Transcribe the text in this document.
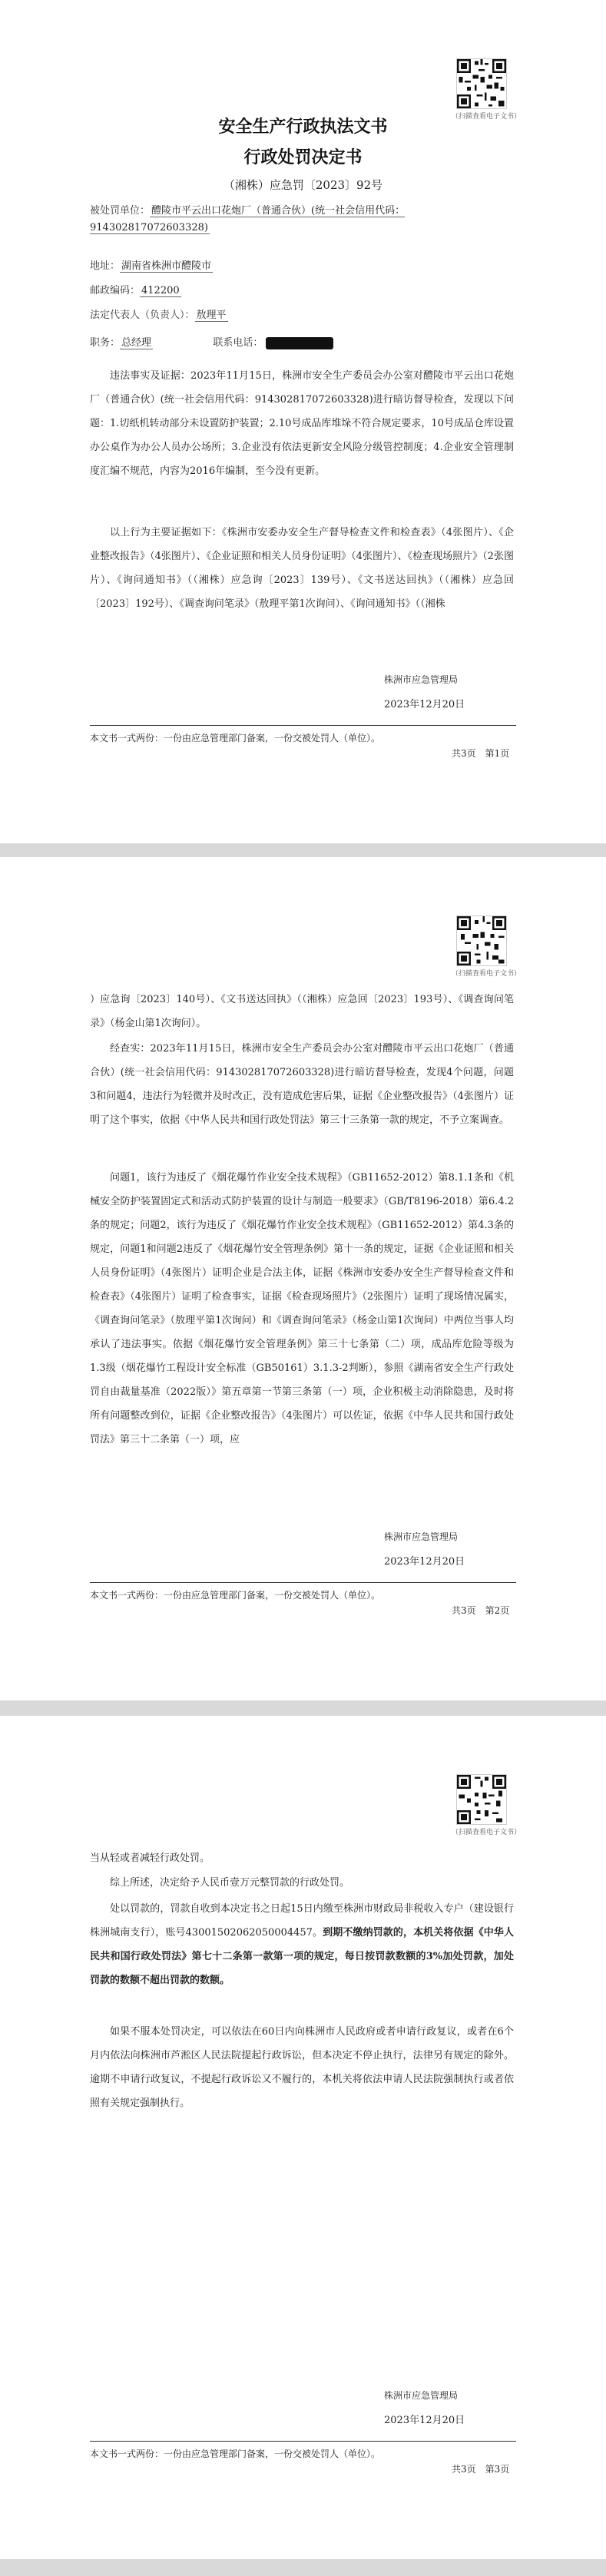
（扫描查看电子文书）
安全生产行政执法文书
行政处罚决定书
（湘株）应急罚〔2023〕92号
被处罚单位： 醴陵市平云出口花炮厂（普通合伙）(统一社会信用代码：914302817072603328)
地址： 湖南省株洲市醴陵市
邮政编码： 412200
法定代表人（负责人）： 敖理平
职务： 总经理	联系电话：
违法事实及证据：2023年11月15日，株洲市安全生产委员会办公室对醴陵市平云出口花炮厂（普通合伙）(统一社会信用代码：914302817072603328)进行暗访督导检查，发现以下问题：1.切纸机转动部分未设置防护装置；2.10号成品库堆垛不符合规定要求，10号成品仓库设置办公桌作为办公人员办公场所；3.企业没有依法更新安全风险分级管控制度；4.企业安全管理制度汇编不规范，内容为2016年编制，至今没有更新。
以上行为主要证据如下：《株洲市安委办安全生产督导检查文件和检查表》（4张图片）、《企业整改报告》（4张图片）、《企业证照和相关人员身份证明》（4张图片）、《检查现场照片》（2张图片）、《询问通知书》（（湘株）应急询〔2023〕139号）、《文书送达回执》（（湘株）应急回〔2023〕192号）、《调查询问笔录》（敖理平第1次询问）、《询问通知书》（（湘株
株洲市应急管理局
2023年12月20日
本文书一式两份：一份由应急管理部门备案，一份交被处罚人（单位）。
共3页　第1页
（扫描查看电子文书）
）应急询〔2023〕140号）、《文书送达回执》（（湘株）应急回〔2023〕193号）、《调查询问笔录》（杨金山第1次询问）。
经查实：2023年11月15日，株洲市安全生产委员会办公室对醴陵市平云出口花炮厂（普通合伙）(统一社会信用代码：914302817072603328)进行暗访督导检查，发现4个问题，问题3和问题4，违法行为轻微并及时改正，没有造成危害后果，证据《企业整改报告》（4张图片）证明了这个事实，依据《中华人民共和国行政处罚法》第三十三条第一款的规定，不予立案调查。
问题1，该行为违反了《烟花爆竹作业安全技术规程》（GB11652-2012）第8.1.1条和《机械安全防护装置固定式和活动式防护装置的设计与制造一般要求》（GB/T8196-2018）第6.4.2条的规定；问题2，该行为违反了《烟花爆竹作业安全技术规程》（GB11652-2012）第4.3条的规定，问题1和问题2违反了《烟花爆竹安全管理条例》第十一条的规定，证据《企业证照和相关人员身份证明》（4张图片）证明企业是合法主体，证据《株洲市安委办安全生产督导检查文件和检查表》（4张图片）证明了检查事实，证据《检查现场照片》（2张图片）证明了现场情况属实，《调查询问笔录》（敖理平第1次询问）和《调查询问笔录》（杨金山第1次询问）中两位当事人均承认了违法事实。依据《烟花爆竹安全管理条例》第三十七条第（二）项，成品库危险等级为1.3级（烟花爆竹工程设计安全标准（GB50161）3.1.3-2判断），参照《湖南省安全生产行政处罚自由裁量基准（2022版）》第五章第一节第三条第（一）项，企业积极主动消除隐患，及时将所有问题整改到位，证据《企业整改报告》（4张图片）可以佐证，依据《中华人民共和国行政处罚法》第三十二条第（一）项，应
株洲市应急管理局
2023年12月20日
本文书一式两份：一份由应急管理部门备案，一份交被处罚人（单位）。
共3页　第2页
（扫描查看电子文书）
当从轻或者减轻行政处罚。
综上所述，决定给予人民币壹万元整罚款的行政处罚。
处以罚款的，罚款自收到本决定书之日起15日内缴至株洲市财政局非税收入专户（建设银行株洲城南支行），账号43001502062050004457。到期不缴纳罚款的，本机关将依据《中华人民共和国行政处罚法》第七十二条第一款第一项的规定，每日按罚款数额的3%加处罚款，加处罚款的数额不超出罚款的数额。
如果不服本处罚决定，可以依法在60日内向株洲市人民政府或者申请行政复议，或者在6个月内依法向株洲市芦淞区人民法院提起行政诉讼，但本决定不停止执行，法律另有规定的除外。逾期不申请行政复议，不提起行政诉讼又不履行的，本机关将依法申请人民法院强制执行或者依照有关规定强制执行。
株洲市应急管理局
2023年12月20日
本文书一式两份：一份由应急管理部门备案，一份交被处罚人（单位）。
共3页　第3页
